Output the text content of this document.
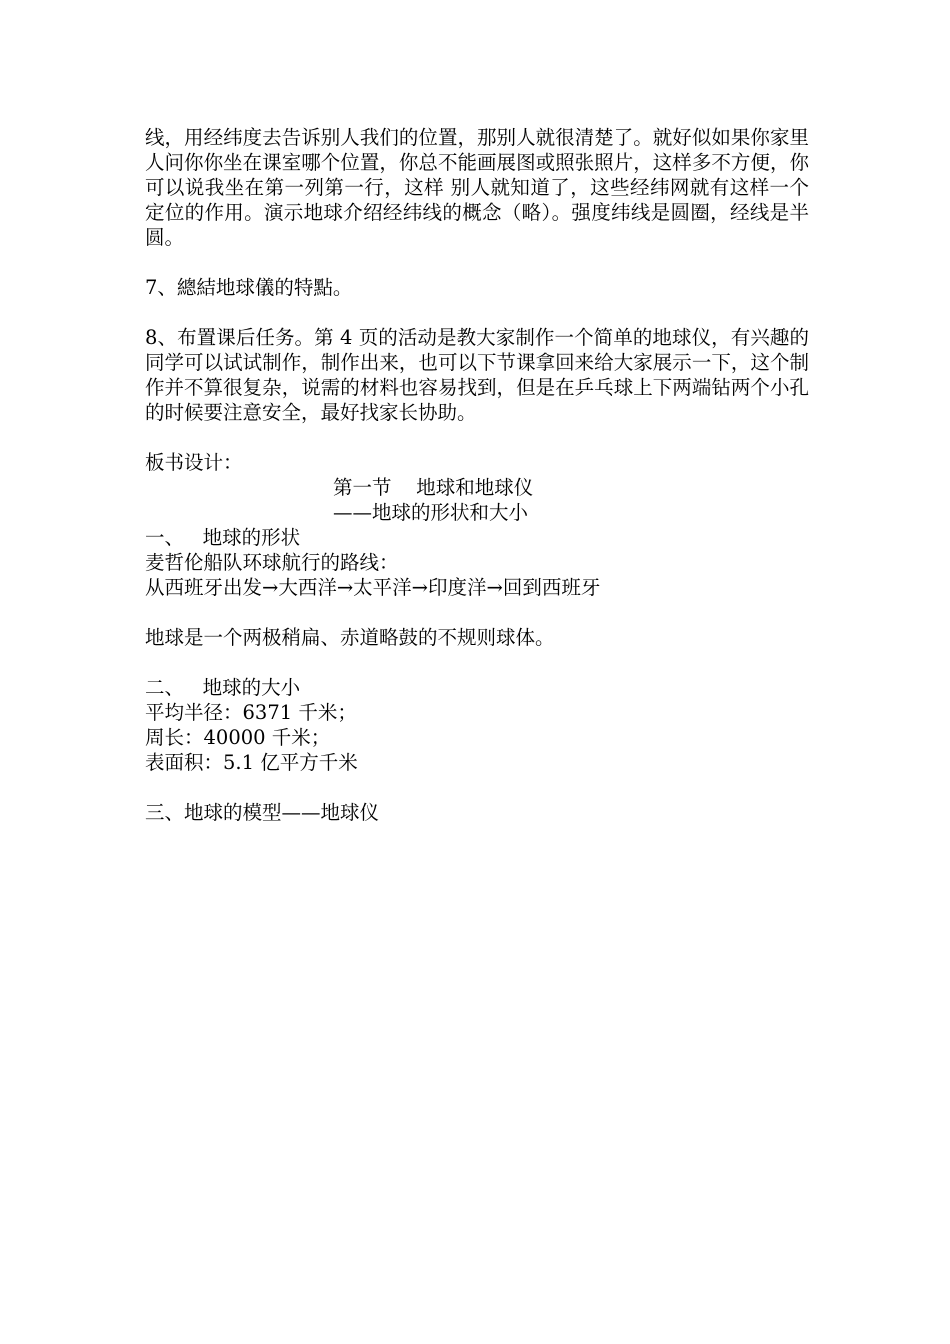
线，用经纬度去告诉别人我们的位置，那别人就很清楚了。就好似如果你家里人问你你坐在课室哪个位置，你总不能画展图或照张照片，这样多不方便，你可以说我坐在第一列第一行，这样 别人就知道了，这些经纬网就有这样一个定位的作用。演示地球介绍经纬线的概念（略）。强度纬线是圆圈，经线是半圆。

7、總結地球儀的特點。

8、布置课后任务。第 4 页的活动是教大家制作一个简单的地球仪，有兴趣的同学可以试试制作，制作出来，也可以下节课拿回来给大家展示一下，这个制作并不算很复杂，说需的材料也容易找到，但是在乒乓球上下两端钻两个小孔的时候要注意安全，最好找家长协助。

板书设计：

第一节    地球和地球仪

——地球的形状和大小

一、   地球的形状

麦哲伦船队环球航行的路线：

从西班牙出发→大西洋→太平洋→印度洋→回到西班牙

地球是一个两极稍扁、赤道略鼓的不规则球体。

二、   地球的大小

平均半径：6371 千米；

周长：40000 千米；

表面积：5.1 亿平方千米

三、地球的模型——地球仪
